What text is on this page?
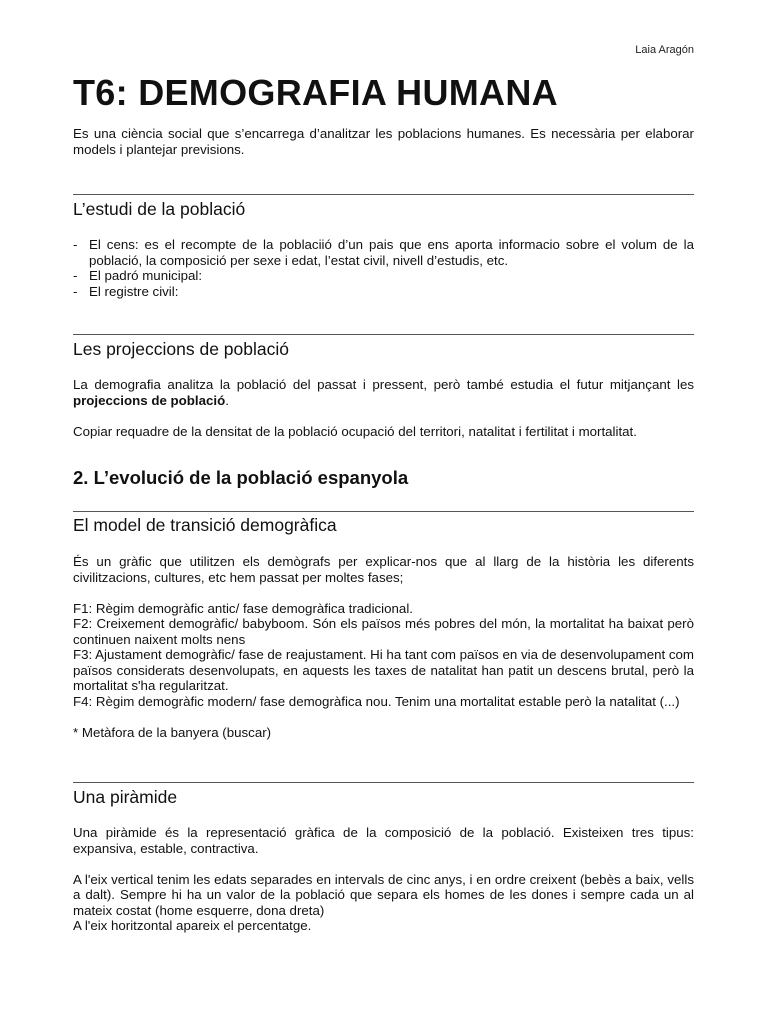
Laia Aragón
T6: DEMOGRAFIA HUMANA

Es una ciència social que s’encarrega d’analitzar les poblacions humanes. Es necessària per elaborar models i plantejar previsions.

L’estudi de la població
- El cens: es el recompte de la poblaciió d’un pais que ens aporta informacio sobre el volum de la població, la composició per sexe i edat, l’estat civil, nivell d’estudis, etc.
- El padró municipal:
- El registre civil:
Les projeccions de població

La demografia analitza la població del passat i pressent, però també estudia el futur mitjançant les projeccions de població.

Copiar requadre de la densitat de la població ocupació del territori, natalitat i fertilitat i mortalitat.

2. L’evolució de la població espanyola
El model de transició demogràfica

És un gràfic que utilitzen els demògrafs per explicar-nos que al llarg de la història les diferents civilitzacions, cultures, etc hem passat per moltes fases;

F1: Règim demogràfic antic/ fase demogràfica tradicional.

F2: Creixement demogràfic/ babyboom. Són els països més pobres del món, la mortalitat ha baixat però continuen naixent molts nens

F3: Ajustament demogràfic/ fase de reajustament. Hi ha tant com països en via de desenvolupament com països considerats desenvolupats, en aquests les taxes de natalitat han patit un descens brutal, però la mortalitat s'ha regularitzat.

F4: Règim demogràfic modern/ fase demogràfica nou. Tenim una mortalitat estable però la natalitat (...)

* Metàfora de la banyera (buscar)

Una piràmide

Una piràmide és la representació gràfica de la composició de la població. Existeixen tres tipus: expansiva, estable, contractiva.

A l'eix vertical tenim les edats separades en intervals de cinc anys, i en ordre creixent (bebès a baix, vells a dalt). Sempre hi ha un valor de la població que separa els homes de les dones i sempre cada un al mateix costat (home esquerre, dona dreta)

A l'eix horitzontal apareix el percentatge.
